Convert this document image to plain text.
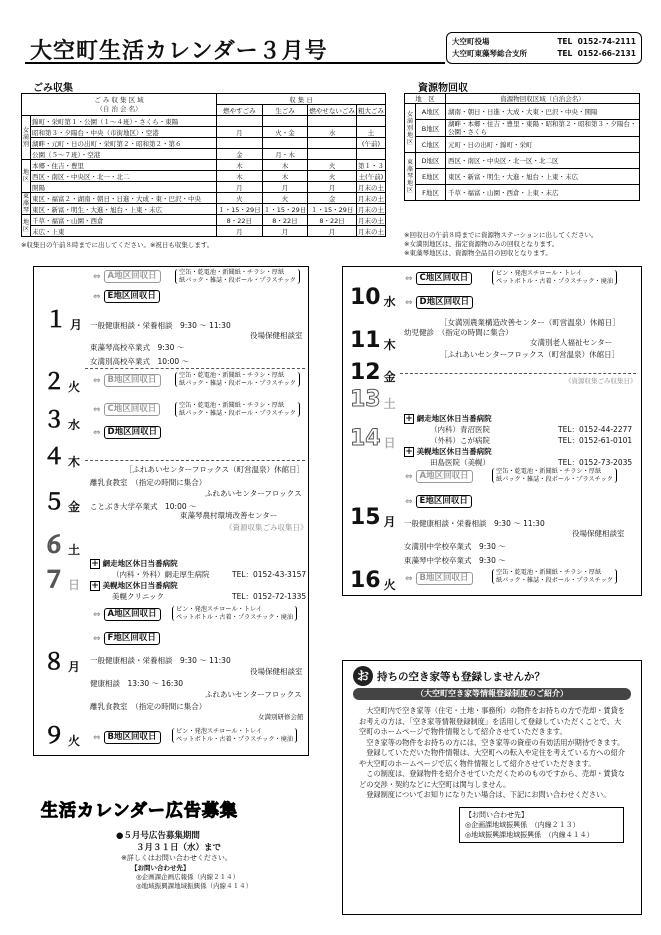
大空町生活カレンダー３月号	大空町役場	TEL 0152-74-2111
大空町東藻琴総合支所	TEL 0152-66-2131
ごみ収集
ご み 収 集 区 域
（自 治 会 名）		収 集 日			
		燃やすごみ	生ごみ	燃やせないごみ	粗大ごみ
女満別	錦町・栄町第１・公園（１～４班）・さくら・東陽				
	昭和第３・夕陽台・中央（市街地区）・空港	月	火・金	水	土
	湖畔・元町・日の出町・栄町第２・昭和第２・第６				(午前)
	公園（５～７班）・空港	金	月・木		
地区	本郷・住吉・豊里	木	木	火	第１・３
	西区・南区・中央区・北一・北二	木	木	火	土(午前)
	開陽	月	月	月	月末の土
東藻琴	東区・福富２・湖南・朝日・日進・大成・東・巴沢・中央	火	火	金	月末の土
	東区・新富・明生・大進・旭台・上東・末広	１・15・29日	１・15・29日	１・15・29日	月末の土
地区	千草・福富・山園・西倉	8・22日	8・22日	8・22日	月末の土
	末広・上東	月	月	月	月末の土
※収集日の午前８時までに出してください。※祝日も収集します。
資源物回収
地　区		資源物回収区域（自治会名）
女満別地区	A地区	湖南・朝日・日進・大成・大東・巴沢・中央・開陽
	B地区	湖畔・本郷・住吉・豊里・東陽・昭和第２・昭和第３・夕陽台・公園・さくら
	C地区	元町・日の出町・錦町・栄町
東藻琴地区	D地区	西区・南区・中央区・北一区・北二区
	E地区	東区・新富・明生・大進・旭台・上東・末広
	F地区	千草・福富・山園・西倉・上東・末広
※回収日の午前８時までに資源物ステーションに出してください。
※女満別地区は、指定資源物のみの回収となります。
※東藻琴地区は、資源物全品目の回収となります。
１ 月
⇔ A地区回収日	空缶・乾電池・新聞紙・チラシ・厚紙
紙パック・雑誌・段ボール・プラスチック
⇔ E地区回収日
一般健康相談・栄養相談　9:30 ～ 11:30
役場保健相談室
東藻琴高校卒業式　9:30 ～
女満別高校卒業式　10:00 ～
２ 火 ⇔ B地区回収日	空缶・乾電池・新聞紙・チラシ・厚紙
紙パック・雑誌・段ボール・プラスチック
３ 水
⇔ C地区回収日	空缶・乾電池・新聞紙・チラシ・厚紙
紙パック・雑誌・段ボール・プラスチック
⇔ D地区回収日
４ 木
［ふれあいセンターフロックス（町営温泉）休館日］
５ 金
離乳食教室　（指定の時間に集合）
ふれあいセンターフロックス
ことぶき大学卒業式　10:00 ～
東藻琴農村環境改善センター
《資源収集ごみ収集日》
６ 土
７ 日
+ 網走地区休日当番病院
（内科・外科）網走厚生病院	TEL：0152-43-3157
+ 美幌地区休日当番病院
美幌クリニック	TEL：0152-72-1335
８ 月
⇔ A地区回収日	ビン・発泡スチロール・トレイ
ペットボトル・古着・プラスチック・廃油
⇔ F地区回収日
一般健康相談・栄養相談　9:30 ～ 11:30
役場保健相談室
健康相談　13:30 ～ 16:30
ふれあいセンターフロックス
離乳食教室　（指定の時間に集合）
女満別研修会館
９ 火 ⇔ B地区回収日
ビン・発泡スチロール・トレイ
ペットボトル・古着・プラスチック・廃油
10 水
⇔ C地区回収日	ビン・発泡スチロール・トレイ
ペットボトル・古着・プラスチック・廃油
⇔ D地区回収日
［女満別農業構造改善センター（町営温泉）休館日］
11 木
幼児健診　（指定の時間に集合）
女満別老人福祉センター
［ふれあいセンターフロックス（町営温泉）休館日］
12 金	《資源収集ごみ収集日》
13 土
14 日
+ 網走地区休日当番病院
（内科）青沼医院	TEL：0152-44-2277
（外科）こが病院	TEL：0152-61-0101
+ 美幌地区休日当番病院
田島医院（美幌）	TEL：0152-73-2035
15 月
⇔ A地区回収日	空缶・乾電池・新聞紙・チラシ・厚紙
紙パック・雑誌・段ボール・プラスチック
⇔ E地区回収日
一般健康相談・栄養相談　9:30 ～ 11:30
役場保健相談室
女満別中学校卒業式　9:30 ～
東藻琴中学校卒業式　9:30 ～
16 火 ⇔ B地区回収日
空缶・乾電池・新聞紙・チラシ・厚紙
紙パック・雑誌・段ボール・プラスチック
生活カレンダー広告募集
●５月号広告募集期間
３月３１日（水）まで
※詳しくはお問い合わせください。
【お問い合わせ先】
◎企画課企画広報係（内線２１４）
◎地域振興課地域振興係（内線４１４）
お 持ちの空き家等も登録しませんか？
（大空町空き家等情報登録制度のご紹介）
大空町内で空き家等（住宅・土地・事務所）の物件をお持ちの方で売却・賃貸をお考えの方は、「空き家等情報登録制度」を活用して登録していただくことで、大空町のホームページで物件情報として紹介させていただきます。
空き家等の物件をお持ちの方には、空き家等の資産の有効活用が期待できます。
登録していただいた物件情報は、大空町への転入や定住を考えている方への紹介や大空町のホームページで広く物件情報として紹介させていただきます。
この制度は、登録物件を紹介させていただくためのものですから、売却・賃貸などの交渉・契約などに大空町は関与しません。
登録制度についてお知りになりたい場合は、下記にお問い合わせください。
【お問い合わせ先】
◎企画課地域振興係　（内線２１３）
◎地域振興課地域振興係　（内線４１４）
